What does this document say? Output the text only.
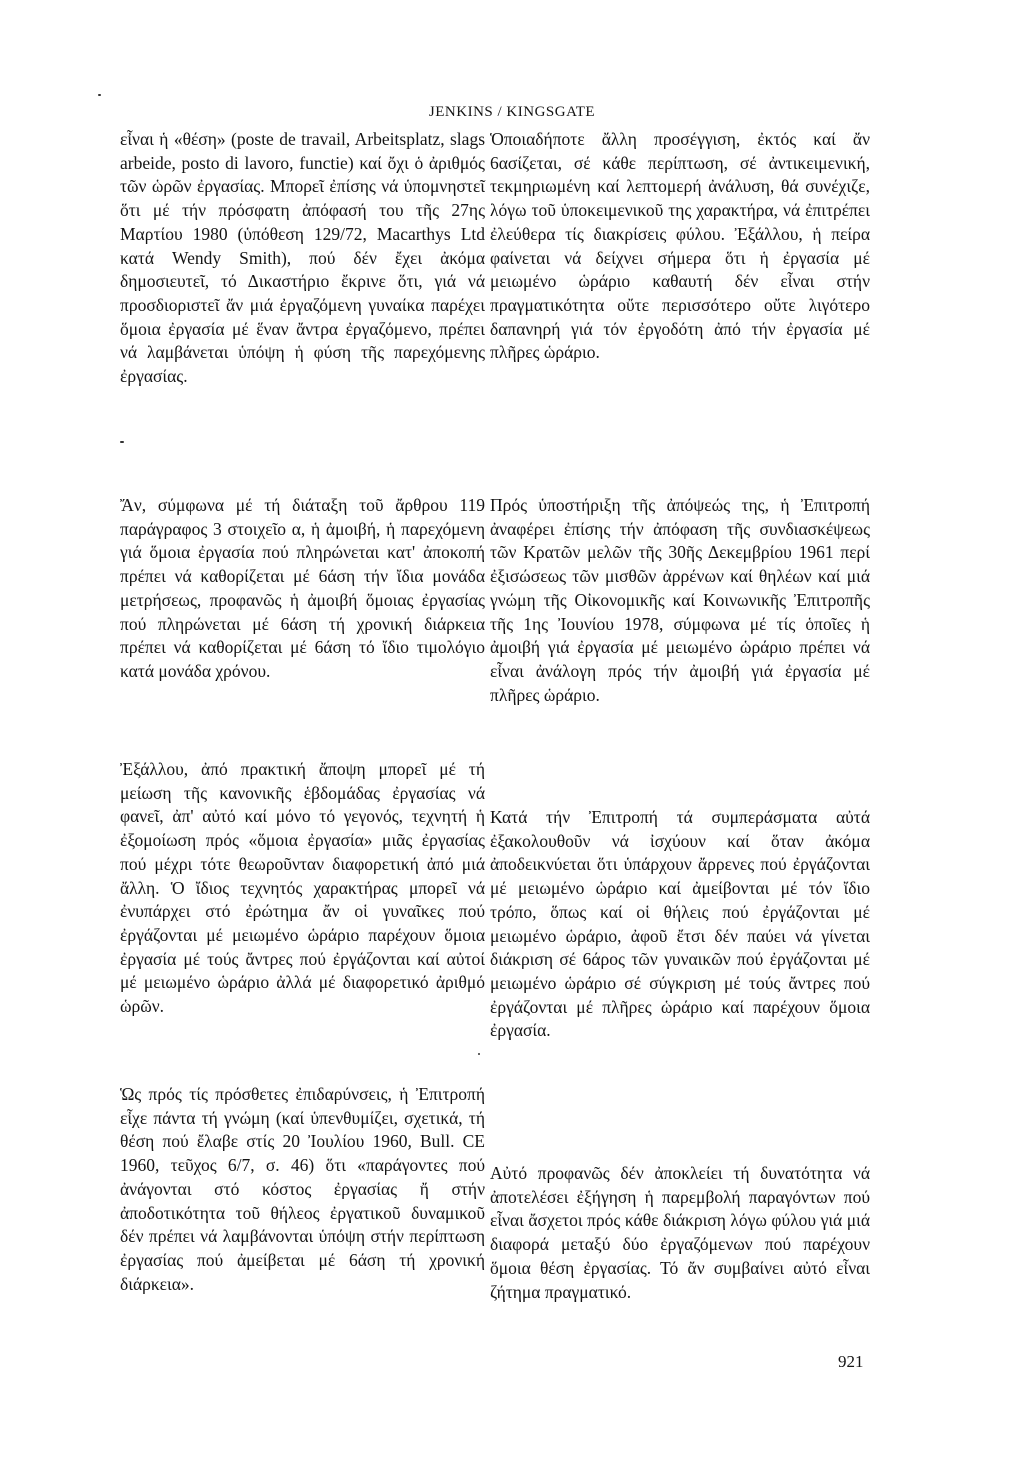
JENKINS / KINGSGATE

εἶναι ἡ «θέση» (poste de travail, Arbeitsplatz, slags arbeide, posto di lavoro, functie) καί ὄχι ὁ ἀριθμός τῶν ὡρῶν ἐργασίας. Μπορεῖ ἐπίσης νά ὑπομνηστεῖ ὅτι μέ τήν πρόσφατη ἀπόφασή του τῆς 27ης Μαρτίου 1980 (ὑπόθεση 129/72, Macarthys Ltd κατά Wendy Smith), πού δέν ἔχει ἀκόμα δημοσιευτεῖ, τό Δικαστήριο ἔκρινε ὅτι, γιά νά προσδιοριστεῖ ἄν μιά ἐργαζόμενη γυναίκα παρέχει ὅμοια ἐργασία μέ ἕναν ἄντρα ἐργαζόμενο, πρέπει νά λαμβάνεται ὑπόψη ἡ φύση τῆς παρεχόμενης ἐργασίας.

Ἄν, σύμφωνα μέ τή διάταξη τοῦ ἄρθρου 119 παράγραφος 3 στοιχεῖο α, ἡ ἀμοιβή, ἡ παρεχόμενη γιά ὅμοια ἐργασία πού πληρώνεται κατ' ἀποκοπή πρέπει νά καθορίζεται μέ 6άση τήν ἴδια μονάδα μετρήσεως, προφανῶς ἡ ἀμοιβή ὅμοιας ἐργασίας πού πληρώνεται μέ 6άση τή χρονική διάρκεια πρέπει νά καθορίζεται μέ 6άση τό ἴδιο τιμολόγιο κατά μονάδα χρόνου.

Ἐξάλλου, ἀπό πρακτική ἄποψη μπορεῖ μέ τή μείωση τῆς κανονικῆς ἑβδομάδας ἐργασίας νά φανεῖ, ἀπ' αὐτό καί μόνο τό γεγονός, τεχνητή ἡ ἐξομοίωση πρός «ὅμοια ἐργασία» μιᾶς ἐργασίας πού μέχρι τότε θεωροῦνταν διαφορετική ἀπό μιά ἄλλη. Ὁ ἴδιος τεχνητός χαρακτήρας μπορεῖ νά ἐνυπάρχει στό ἐρώτημα ἄν οἱ γυναῖκες πού ἐργάζονται μέ μειωμένο ὡράριο παρέχουν ὅμοια ἐργασία μέ τούς ἄντρες πού ἐργάζονται καί αὐτοί μέ μειωμένο ὡράριο ἀλλά μέ διαφορετικό ἀριθμό ὡρῶν.

Ὡς πρός τίς πρόσθετες ἐπιδαρύνσεις, ἡ Ἐπιτροπή εἶχε πάντα τή γνώμη (καί ὑπενθυμίζει, σχετικά, τή θέση πού ἔλαβε στίς 20 Ἰουλίου 1960, Bull. CE 1960, τεῦχος 6/7, σ. 46) ὅτι «παράγοντες πού ἀνάγονται στό κόστος ἐργασίας ἤ στήν ἀποδοτικότητα τοῦ θήλεος ἐργατικοῦ δυναμικοῦ δέν πρέπει νά λαμβάνονται ὑπόψη στήν περίπτωση ἐργασίας πού ἀμείβεται μέ 6άση τή χρονική διάρκεια».

Ὁποιαδήποτε ἄλλη προσέγγιση, ἐκτός καί ἄν 6ασίζεται, σέ κάθε περίπτωση, σέ ἀντικειμενική, τεκμηριωμένη καί λεπτομερή ἀνάλυση, θά συνέχιζε, λόγω τοῦ ὑποκειμενικοῦ της χαρακτήρα, νά ἐπιτρέπει ἐλεύθερα τίς διακρίσεις φύλου. Ἐξάλλου, ἡ πείρα φαίνεται νά δείχνει σήμερα ὅτι ἡ ἐργασία μέ μειωμένο ὡράριο καθαυτή δέν εἶναι στήν πραγματικότητα οὔτε περισσότερο οὔτε λιγότερο δαπανηρή γιά τόν ἐργοδότη ἀπό τήν ἐργασία μέ πλῆρες ὡράριο.

Πρός ὑποστήριξη τῆς ἀπόψεώς της, ἡ Ἐπιτροπή ἀναφέρει ἐπίσης τήν ἀπόφαση τῆς συνδιασκέψεως τῶν Κρατῶν μελῶν τῆς 30ῆς Δεκεμβρίου 1961 περί ἐξισώσεως τῶν μισθῶν ἀρρένων καί θηλέων καί μιά γνώμη τῆς Οἰκονομικῆς καί Κοινωνικῆς Ἐπιτροπῆς τῆς 1ης Ἰουνίου 1978, σύμφωνα μέ τίς ὁποῖες ἡ ἀμοιβή γιά ἐργασία μέ μειωμένο ὡράριο πρέπει νά εἶναι ἀνάλογη πρός τήν ἀμοιβή γιά ἐργασία μέ πλῆρες ὡράριο.

Κατά τήν Ἐπιτροπή τά συμπεράσματα αὐτά ἐξακολουθοῦν νά ἰσχύουν καί ὅταν ἀκόμα ἀποδεικνύεται ὅτι ὑπάρχουν ἄρρενες πού ἐργάζονται μέ μειωμένο ὡράριο καί ἀμείβονται μέ τόν ἴδιο τρόπο, ὅπως καί οἱ θήλεις πού ἐργάζονται μέ μειωμένο ὡράριο, ἀφοῦ ἔτσι δέν παύει νά γίνεται διάκριση σέ 6άρος τῶν γυναικῶν πού ἐργάζονται μέ μειωμένο ὡράριο σέ σύγκριση μέ τούς ἄντρες πού ἐργάζονται μέ πλῆρες ὡράριο καί παρέχουν ὅμοια ἐργασία.

Αὐτό προφανῶς δέν ἀποκλείει τή δυνατότητα νά ἀποτελέσει ἐξήγηση ἡ παρεμβολή παραγόντων πού εἶναι ἄσχετοι πρός κάθε διάκριση λόγω φύλου γιά μιά διαφορά μεταξύ δύο ἐργαζόμενων πού παρέχουν ὅμοια θέση ἐργασίας. Τό ἄν συμβαίνει αὐτό εἶναι ζήτημα πραγματικό.

921
